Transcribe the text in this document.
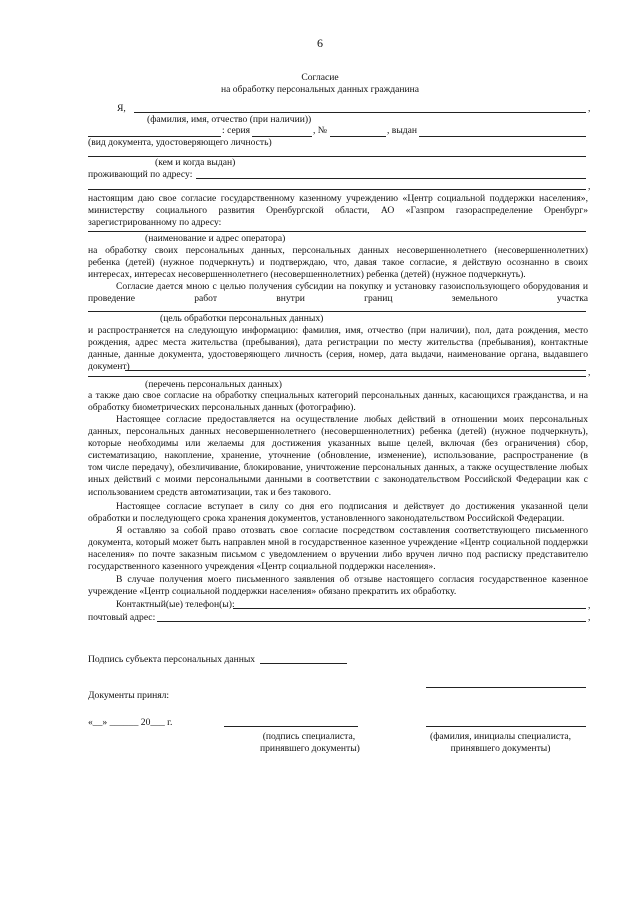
6
Согласие
на обработку персональных данных гражданина
Я,	,
(фамилия, имя, отчество (при наличии))
: серия	, №	, выдан
(вид документа, удостоверяющего личность)
(кем и когда выдан)
проживающий по адресу:
,
настоящим даю свое согласие государственному казенному учреждению «Центр социальной поддержки населения»,
министерству социального развития Оренбургской области, АО «Газпром газораспределение Оренбург»
зарегистрированному по адресу:
(наименование и адрес оператора)
на обработку своих персональных данных, персональных данных несовершеннолетнего (несовершеннолетних)
ребенка (детей) (нужное подчеркнуть) и подтверждаю, что, давая такое согласие, я действую осознанно в своих
интересах, интересах несовершеннолетнего (несовершеннолетних) ребенка (детей) (нужное подчеркнуть).
Согласие дается мною с целью получения субсидии на покупку и установку газоиспользующего оборудования и
проведение работ внутри границ земельного участка
(цель обработки персональных данных)
и распространяется на следующую информацию: фамилия, имя, отчество (при наличии), пол, дата рождения, место
рождения, адрес места жительства (пребывания), дата регистрации по месту жительства (пребывания), контактные
данные, данные документа, удостоверяющего личность (серия, номер, дата выдачи, наименование органа, выдавшего
документ)
,
(перечень персональных данных)
а также даю свое согласие на обработку специальных категорий персональных данных, касающихся гражданства, и на
обработку биометрических персональных данных (фотографию).
Настоящее согласие предоставляется на осуществление любых действий в отношении моих персональных
данных, персональных данных несовершеннолетнего (несовершеннолетних) ребенка (детей) (нужное подчеркнуть),
которые необходимы или желаемы для достижения указанных выше целей, включая (без ограничения) сбор,
систематизацию, накопление, хранение, уточнение (обновление, изменение), использование, распространение (в
том числе передачу), обезличивание, блокирование, уничтожение персональных данных, а также осуществление любых
иных действий с моими персональными данными в соответствии с законодательством Российской Федерации как с
использованием средств автоматизации, так и без такового.
Настоящее согласие вступает в силу со дня его подписания и действует до достижения указанной цели
обработки и последующего срока хранения документов, установленного законодательством Российской Федерации.
Я оставляю за собой право отозвать свое согласие посредством составления соответствующего письменного
документа, который может быть направлен мной в государственное казенное учреждение «Центр социальной поддержки
населения» по почте заказным письмом с уведомлением о вручении либо вручен лично под расписку представителю
государственного казенного учреждения «Центр социальной поддержки населения».
В случае получения моего письменного заявления об отзыве настоящего согласия государственное казенное
учреждение «Центр социальной поддержки населения» обязано прекратить их обработку.
Контактный(ые) телефон(ы):	,
почтовый адрес:	,
Подпись субъекта персональных данных
Документы принял:
«__» ______ 20___ г.
(подпись специалиста,
принявшего документы)
(фамилия, инициалы специалиста,
принявшего документы)
